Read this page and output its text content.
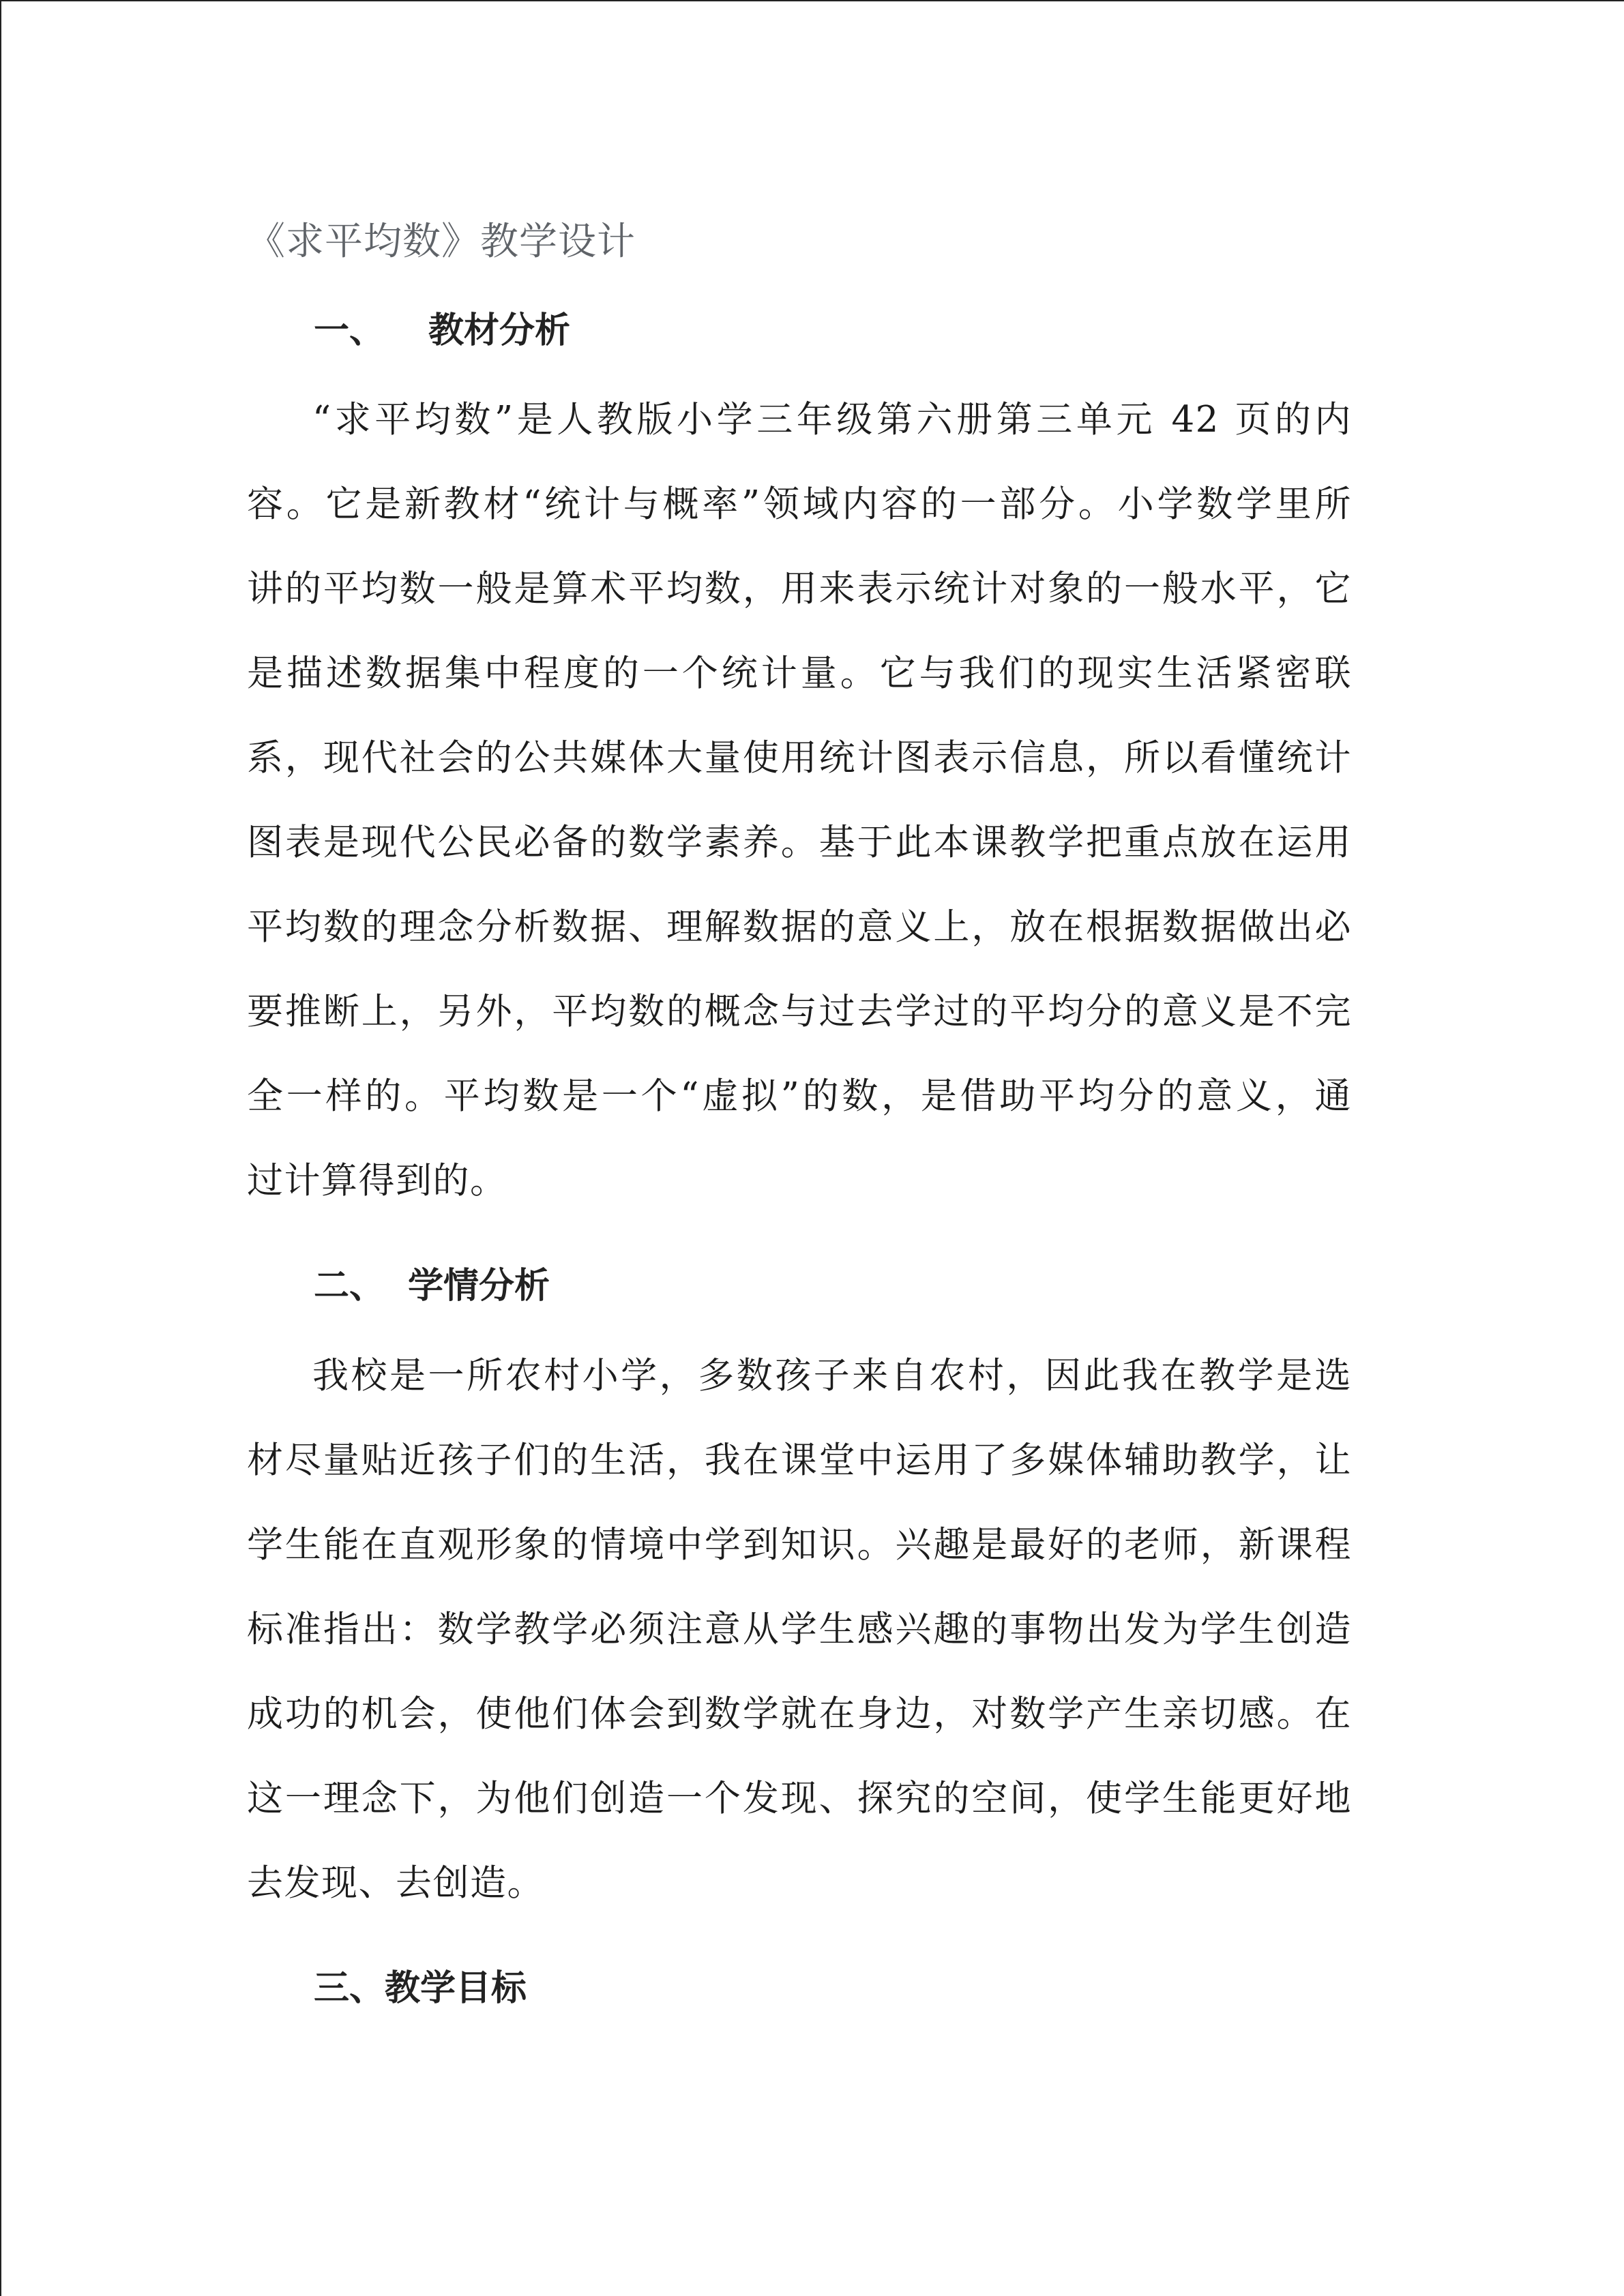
《求平均数》教学设计
一、 教材分析
“求平均数”是人教版小学三年级第六册第三单元 42 页的内
容。它是新教材“统计与概率”领域内容的一部分。小学数学里所
讲的平均数一般是算术平均数，用来表示统计对象的一般水平，它
是描述数据集中程度的一个统计量。它与我们的现实生活紧密联
系，现代社会的公共媒体大量使用统计图表示信息，所以看懂统计
图表是现代公民必备的数学素养。基于此本课教学把重点放在运用
平均数的理念分析数据、理解数据的意义上，放在根据数据做出必
要推断上，另外，平均数的概念与过去学过的平均分的意义是不完
全一样的。平均数是一个“虚拟”的数，是借助平均分的意义，通
过计算得到的。
二、 学情分析
我校是一所农村小学，多数孩子来自农村，因此我在教学是选
材尽量贴近孩子们的生活，我在课堂中运用了多媒体辅助教学，让
学生能在直观形象的情境中学到知识。兴趣是最好的老师，新课程
标准指出：数学教学必须注意从学生感兴趣的事物出发为学生创造
成功的机会，使他们体会到数学就在身边，对数学产生亲切感。在
这一理念下，为他们创造一个发现、探究的空间，使学生能更好地
去发现、去创造。
三、教学目标
